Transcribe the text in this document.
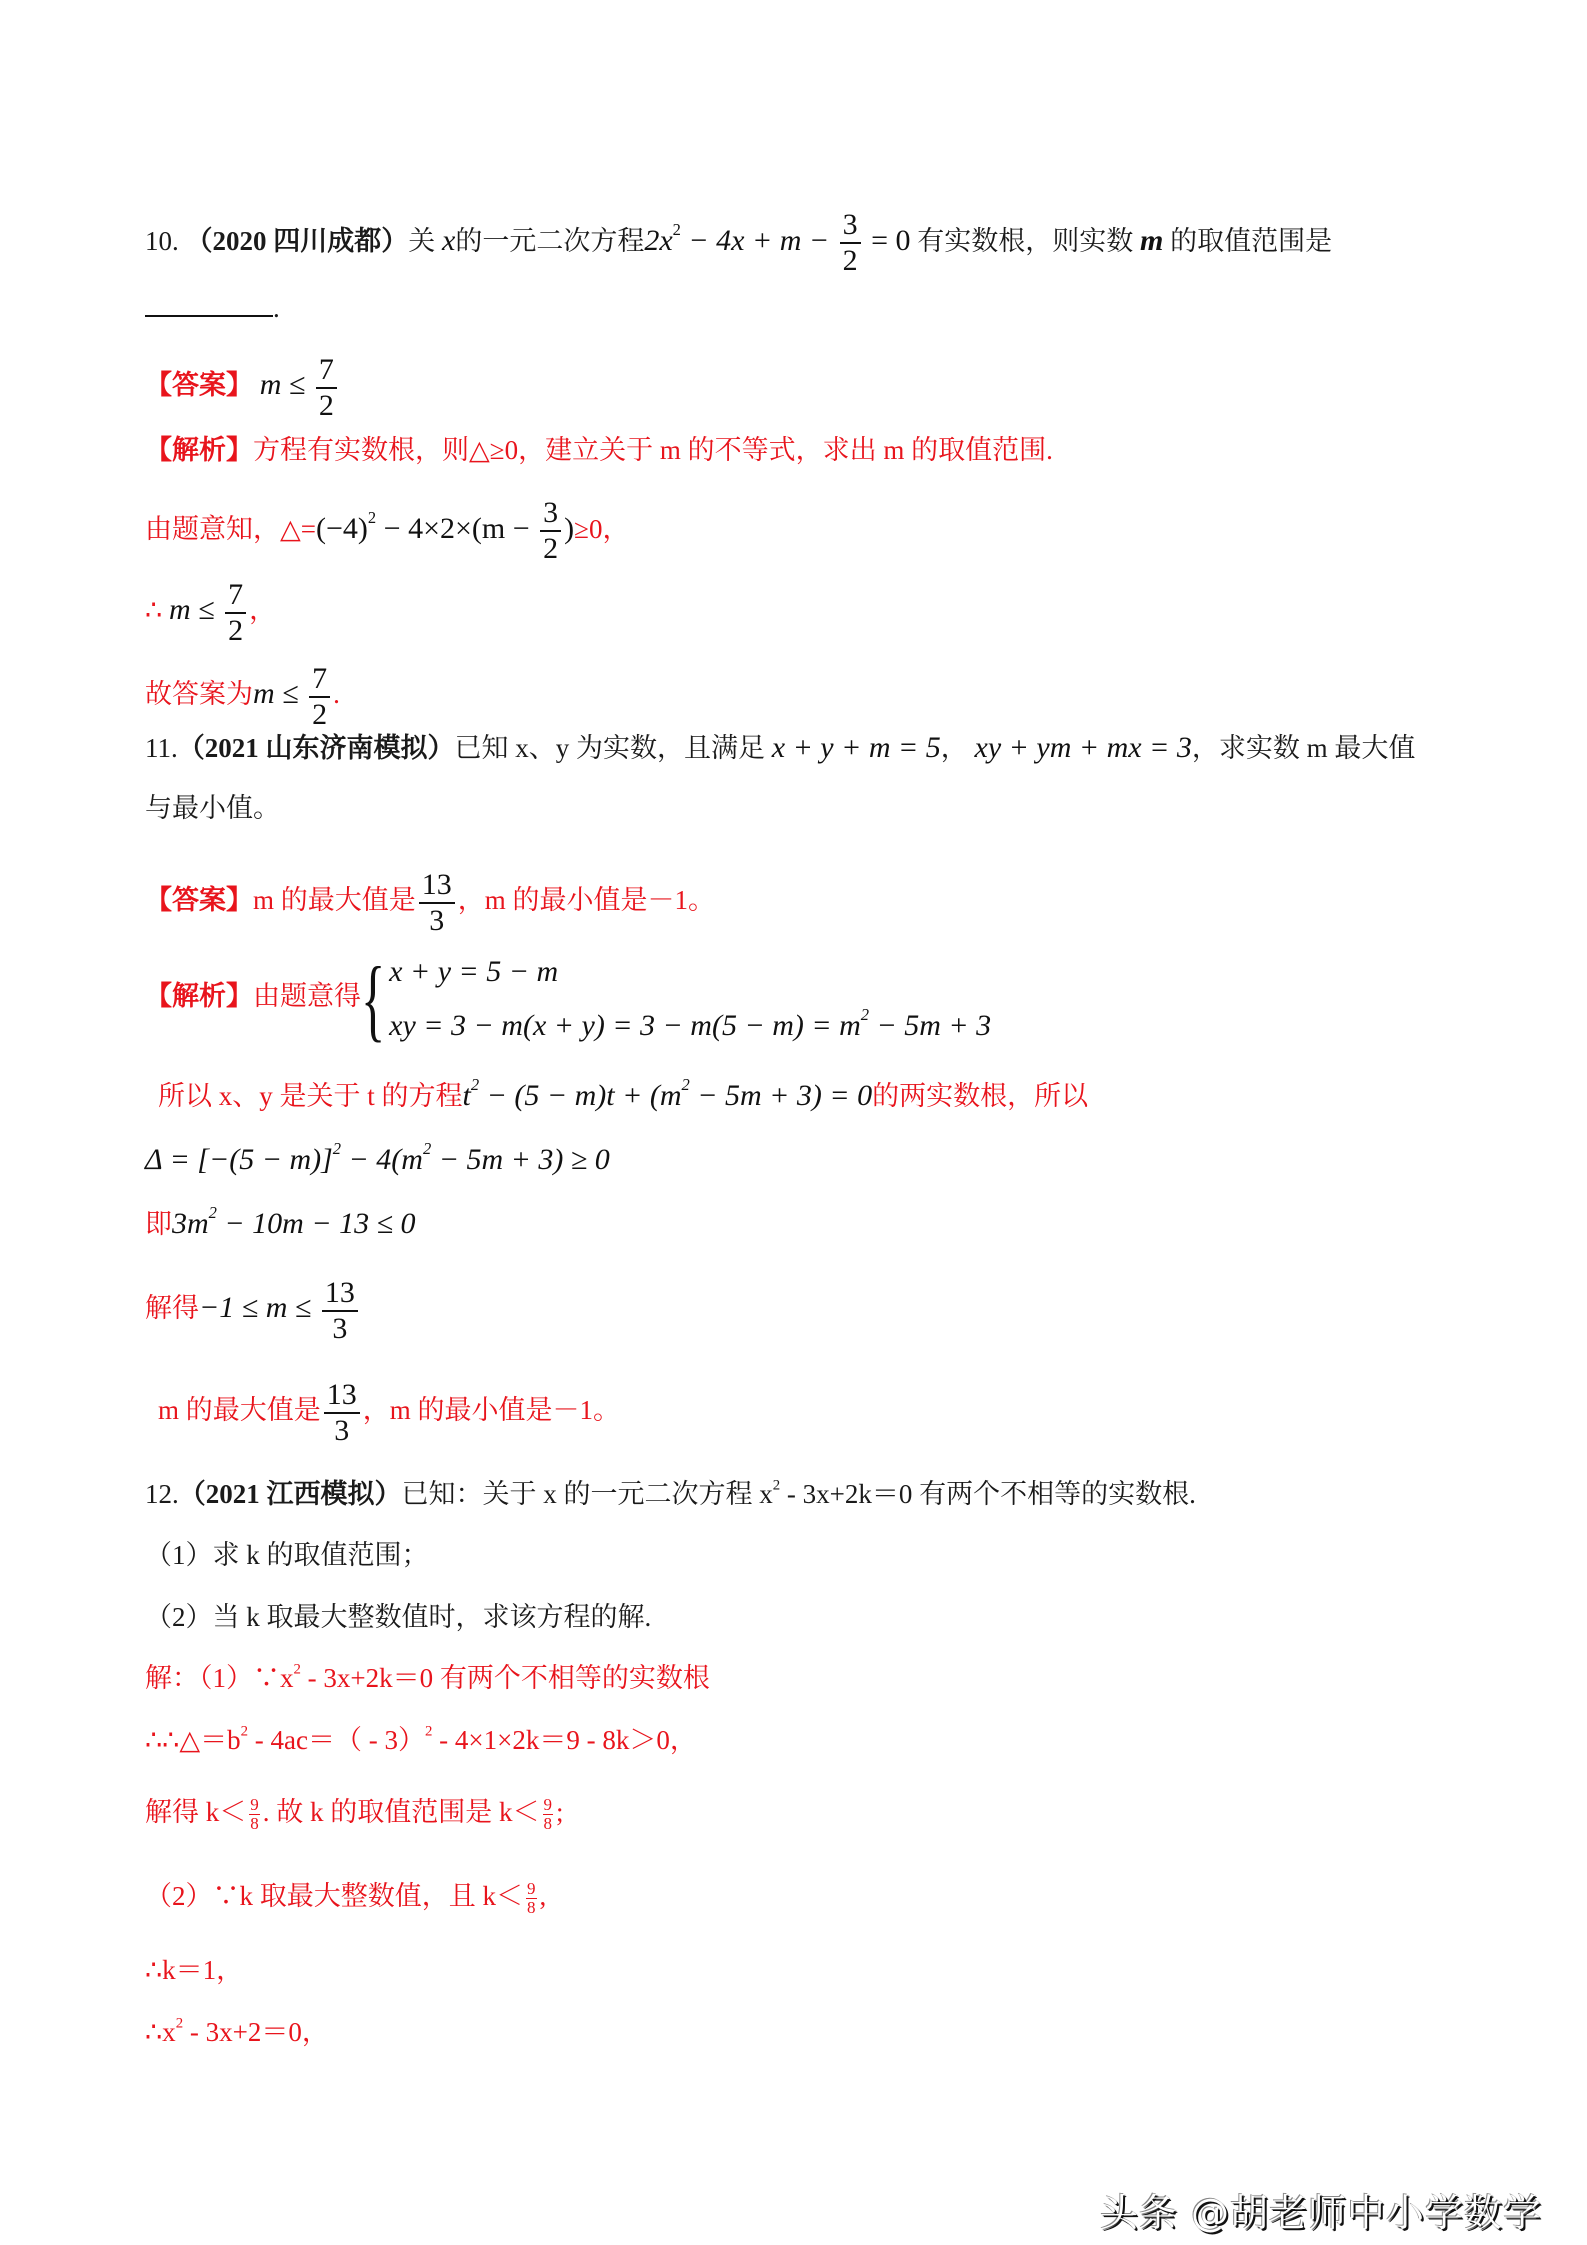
10. （2020 四川成都）关 x的一元二次方程$2x^2 - 4x + m - \frac{3}{2} = 0$ 有实数根，则实数 m 的取值范围是
.
【答案】 $m \le \frac{7}{2}$
【解析】方程有实数根，则△≥0，建立关于 m 的不等式，求出 m 的取值范围.
由题意知，$\triangle=(-4)^2 - 4\times 2\times(m - \frac{3}{2} )\ge 0$，
∴ $m \le \frac{7}{2}$ ，
故答案为$m \le \frac{7}{2}$ .
11.（2021 山东济南模拟）已知 x、y 为实数，且满足 x + y + m = 5， xy + ym + mx = 3，求实数 m 最大值
与最小值。
【答案】m 的最大值是 $\frac{13}{3}$ ，m 的最小值是－1。
【解析】由题意得 { x + y = 5 − m
xy = $3 - m(x + y) = 3 - m(5 - m) = m^2 - 5m + 3$
所以 x、y 是关于 t 的方程$t^2 - (5 - m)t + (m^2 - 5m + 3) = 0$的两实数根，所以
$\Delta = [-(5 - m)]^2 - 4(m^2 - 5m + 3) \ge 0$
即$3m^2 - 10m - 13 \le 0$
解得$-1 \le m \le \frac{13}{3}$
m 的最大值是 $\frac{13}{3}$ ，m 的最小值是－1。
12.（2021 江西模拟）已知：关于 x 的一元二次方程 $x^2 - 3x+2k=0$ 有两个不相等的实数根.
（1）求 k 的取值范围；
（2）当 k 取最大整数值时，求该方程的解.
解：$(1)\because x^2 - 3x+2k=0$ 有两个不相等的实数根
$\therefore\therefore\triangle=b^2 - 4ac=( - 3)^2 - 4\times 1\times 2k=9 - 8k>0$，
解得 $k< \frac{9}{8}$ . 故 k 的取值范围是 $k< \frac{9}{8}$ ;
（2）∵k 取最大整数值，且 $k< \frac{9}{8}$ ,
∴k＝1，
$\therefore x^2 - 3x+2=0$，
头条 @胡老师中小学数学
